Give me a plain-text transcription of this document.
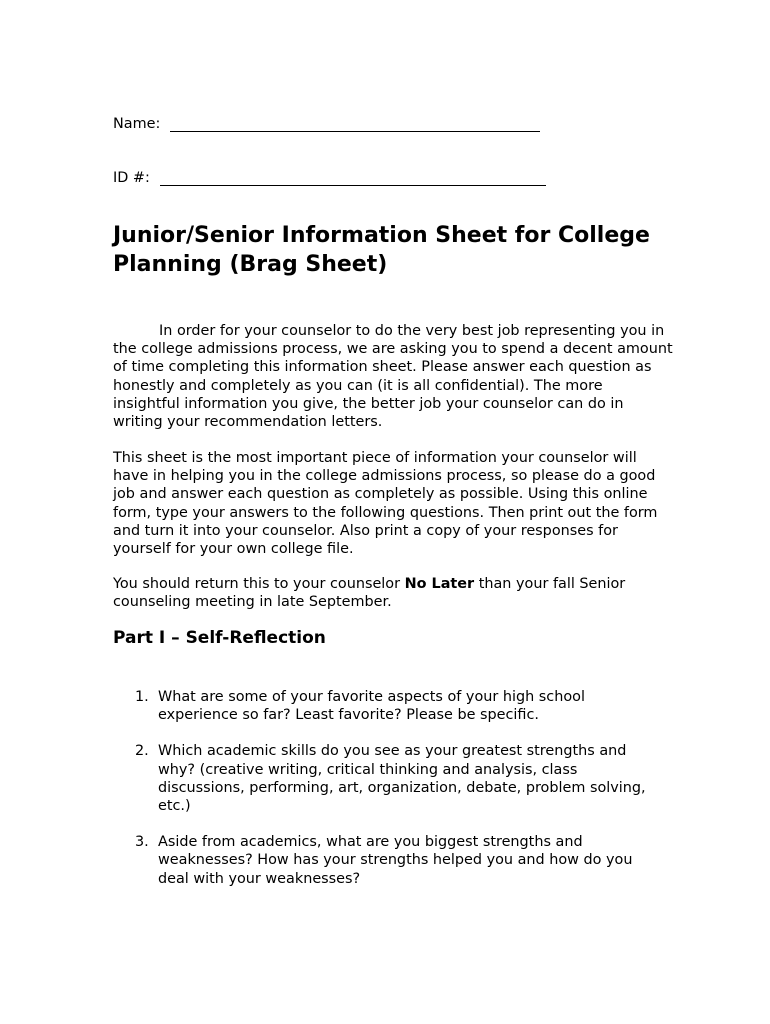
Name:
ID #:
Junior/Senior Information Sheet for College Planning (Brag Sheet)

In order for your counselor to do the very best job representing you in the college admissions process, we are asking you to spend a decent amount of time completing this information sheet. Please answer each question as honestly and completely as you can (it is all confidential). The more insightful information you give, the better job your counselor can do in writing your recommendation letters.

This sheet is the most important piece of information your counselor will have in helping you in the college admissions process, so please do a good job and answer each question as completely as possible. Using this online form, type your answers to the following questions. Then print out the form and turn it into your counselor. Also print a copy of your responses for yourself for your own college file.

You should return this to your counselor No Later than your fall Senior counseling meeting in late September.

Part I – Self-Reflection
1. What are some of your favorite aspects of your high school experience so far? Least favorite? Please be specific.
2. Which academic skills do you see as your greatest strengths and why? (creative writing, critical thinking and analysis, class discussions, performing, art, organization, debate, problem solving, etc.)
3. Aside from academics, what are you biggest strengths and weaknesses? How has your strengths helped you and how do you deal with your weaknesses?
